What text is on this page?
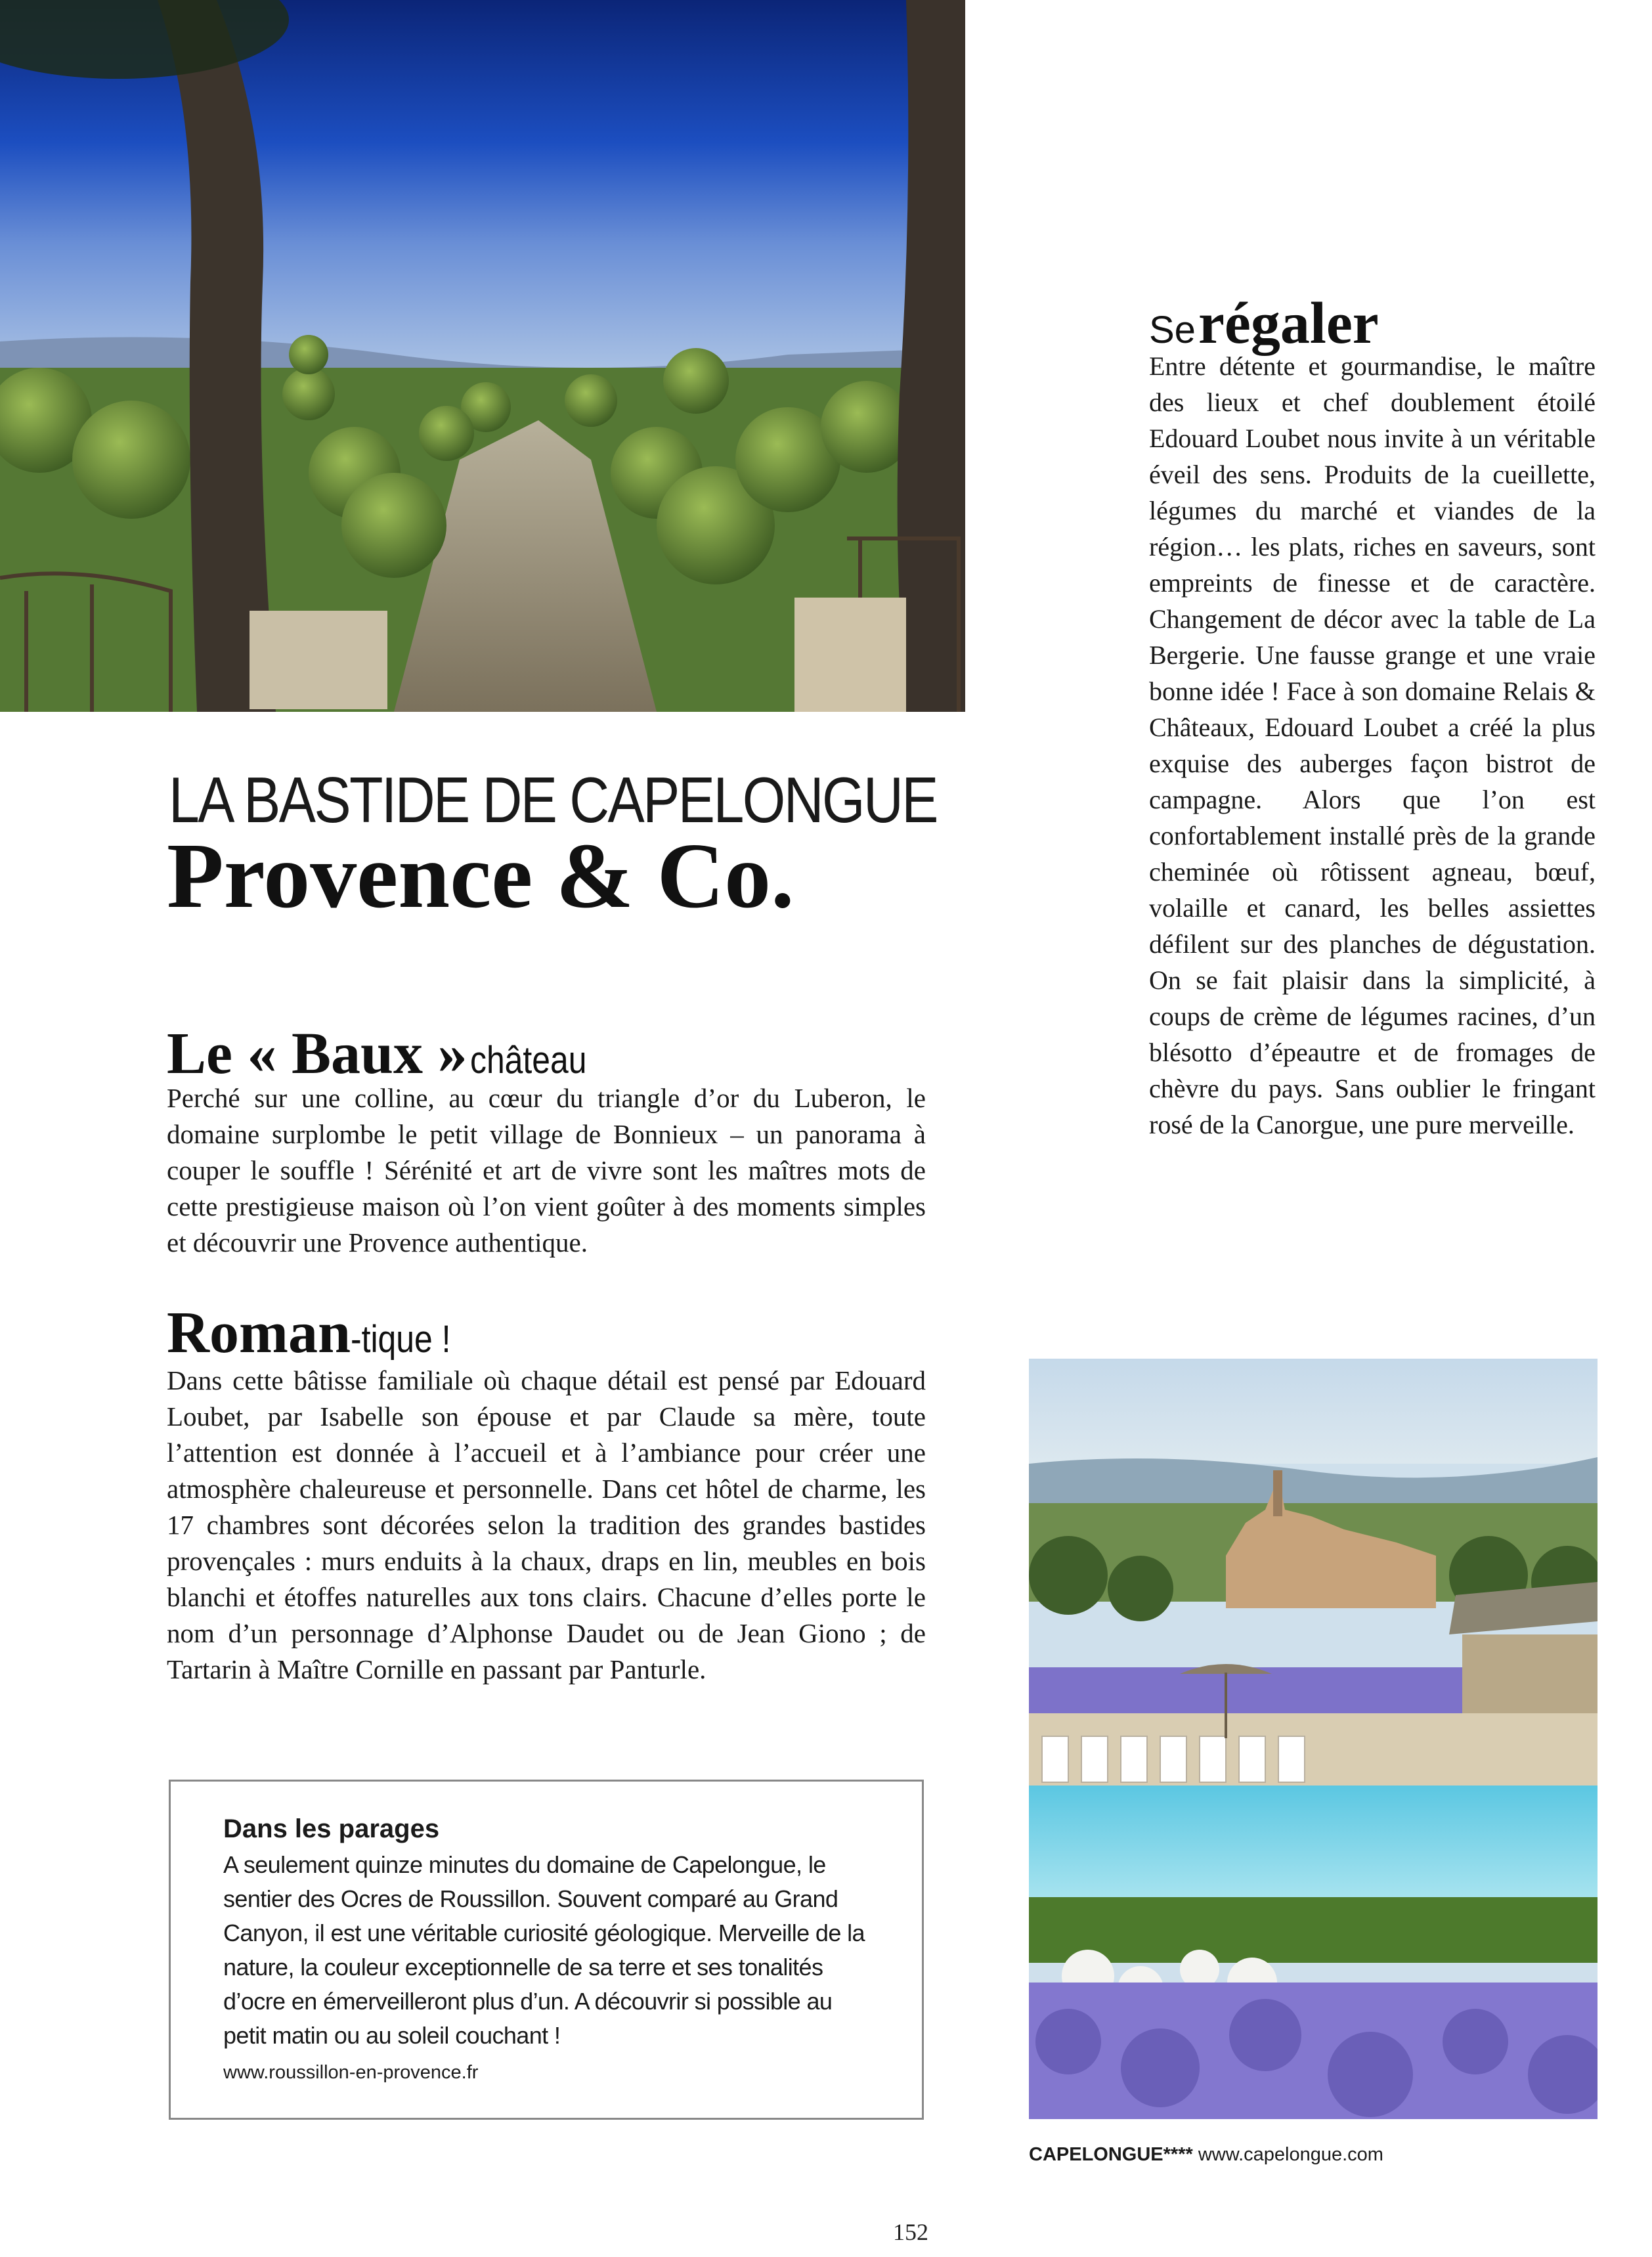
LA BASTIDE DE CAPELONGUE
Provence & Co.
Le « Baux » château

Perché sur une colline, au cœur du triangle d’or du Luberon, le domaine surplombe le petit village de Bonnieux – un panorama à couper le souffle ! Sérénité et art de vivre sont les maîtres mots de cette prestigieuse maison où l’on vient goûter à des moments simples et découvrir une Provence authentique.

Roman-tique !

Dans cette bâtisse familiale où chaque détail est pensé par Edouard Loubet, par Isabelle son épouse et par Claude sa mère, toute l’attention est donnée à l’accueil et à l’ambiance pour créer une atmosphère chaleureuse et personnelle. Dans cet hôtel de charme, les 17 chambres sont décorées selon la tradition des grandes bastides provençales : murs enduits à la chaux, draps en lin, meubles en bois blanchi et étoffes naturelles aux tons clairs. Chacune d’elles porte le nom d’un personnage d’Alphonse Daudet ou de Jean Giono ; de Tartarin à Maître Cornille en passant par Panturle.

Se régaler

Entre détente et gourmandise, le maître des lieux et chef doublement étoilé Edouard Loubet nous invite à un véritable éveil des sens. Produits de la cueillette, légumes du marché et viandes de la région… les plats, riches en saveurs, sont empreints de finesse et de caractère. Changement de décor avec la table de La Bergerie. Une fausse grange et une vraie bonne idée ! Face à son domaine Relais & Châteaux, Edouard Loubet a créé la plus exquise des auberges façon bistrot de campagne. Alors que l’on est confortablement installé près de la grande cheminée où rôtissent agneau, bœuf, volaille et canard, les belles assiettes défilent sur des planches de dégustation. On se fait plaisir dans la simplicité, à coups de crème de légumes racines, d’un blésotto d’épeautre et de fromages de chèvre du pays. Sans oublier le fringant rosé de la Canorgue, une pure merveille.

Dans les parages

A seulement quinze minutes du domaine de Capelongue, le sentier des Ocres de Roussillon. Souvent comparé au Grand Canyon, il est une véritable curiosité géologique. Merveille de la nature, la couleur exceptionnelle de sa terre et ses tonalités d’ocre en émerveilleront plus d’un. A découvrir si possible au petit matin ou au soleil couchant !

www.roussillon-en-provence.fr
CAPELONGUE**** www.capelongue.com
152
